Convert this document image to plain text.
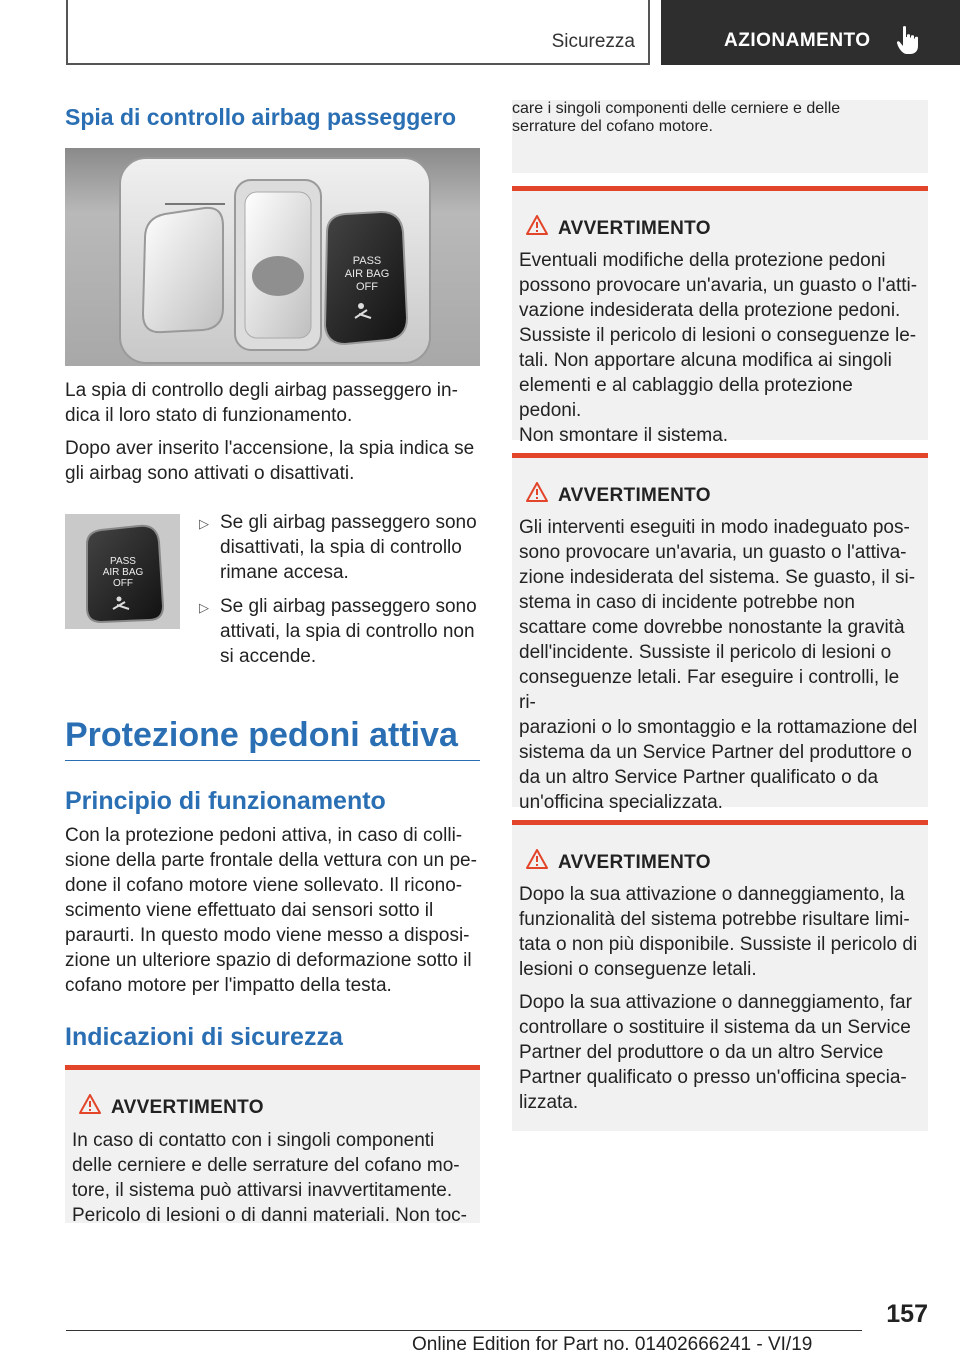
Sicurezza	AZIONAMENTO
Spia di controllo airbag passeggero
PASS
AIR BAG
OFF

La spia di controllo degli airbag passeggero in-

dica il loro stato di funzionamento.

Dopo aver inserito l'accensione, la spia indica se

gli airbag sono attivati o disattivati.

PASS
AIR BAG
OFF
▷ Se gli airbag passeggero sono
disattivati, la spia di controllo
rimane accesa.
▷ Se gli airbag passeggero sono
attivati, la spia di controllo non
si accende.
Protezione pedoni attiva
Principio di funzionamento

Con la protezione pedoni attiva, in caso di colli-

sione della parte frontale della vettura con un pe-

done il cofano motore viene sollevato. Il ricono-

scimento viene effettuato dai sensori sotto il

paraurti. In questo modo viene messo a disposi-

zione un ulteriore spazio di deformazione sotto il

cofano motore per l'impatto della testa.

Indicazioni di sicurezza
AVVERTIMENTO
In caso di contatto con i singoli componenti
delle cerniere e delle serrature del cofano mo-
tore, il sistema può attivarsi inavvertitamente.
Pericolo di lesioni o di danni materiali. Non toc-
care i singoli componenti delle cerniere e delle
serrature del cofano motore.
AVVERTIMENTO
Eventuali modifiche della protezione pedoni
possono provocare un'avaria, un guasto o l'atti-
vazione indesiderata della protezione pedoni.
Sussiste il pericolo di lesioni o conseguenze le-
tali. Non apportare alcuna modifica ai singoli
elementi e al cablaggio della protezione pedoni.
Non smontare il sistema.
AVVERTIMENTO
Gli interventi eseguiti in modo inadeguato pos-
sono provocare un'avaria, un guasto o l'attiva-
zione indesiderata del sistema. Se guasto, il si-
stema in caso di incidente potrebbe non
scattare come dovrebbe nonostante la gravità
dell'incidente. Sussiste il pericolo di lesioni o
conseguenze letali. Far eseguire i controlli, le ri-
parazioni o lo smontaggio e la rottamazione del
sistema da un Service Partner del produttore o
da un altro Service Partner qualificato o da
un'officina specializzata.
AVVERTIMENTO
Dopo la sua attivazione o danneggiamento, la
funzionalità del sistema potrebbe risultare limi-
tata o non più disponibile. Sussiste il pericolo di
lesioni o conseguenze letali.
Dopo la sua attivazione o danneggiamento, far
controllare o sostituire il sistema da un Service
Partner del produttore o da un altro Service
Partner qualificato o presso un'officina specia-
lizzata.
157
Online Edition for Part no. 01402666241 - VI/19
